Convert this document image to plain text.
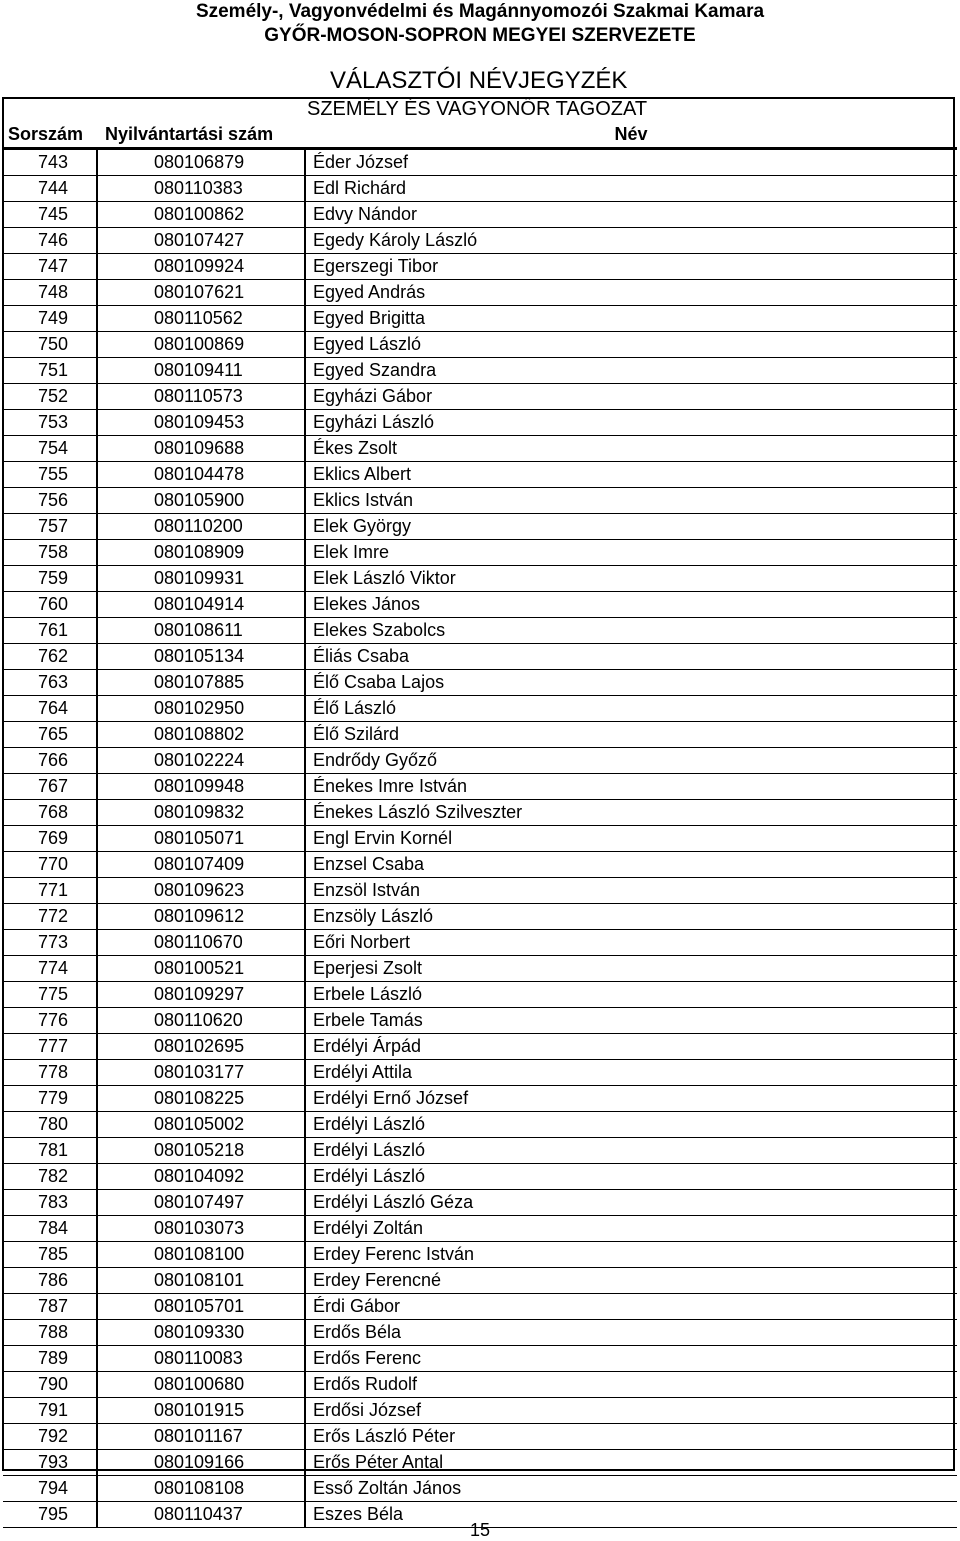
Személy-, Vagyonvédelmi és Magánnyomozói Szakmai Kamara
GYŐR-MOSON-SOPRON MEGYEI SZERVEZETE
VÁLASZTÓI NÉVJEGYZÉK
		SZEMÉLY ÉS VAGYONŐR TAGOZAT
Sorszám	Nyilvántartási szám	Név
743	080106879	Éder József
744	080110383	Edl Richárd
745	080100862	Edvy Nándor
746	080107427	Egedy Károly László
747	080109924	Egerszegi Tibor
748	080107621	Egyed András
749	080110562	Egyed Brigitta
750	080100869	Egyed László
751	080109411	Egyed Szandra
752	080110573	Egyházi Gábor
753	080109453	Egyházi László
754	080109688	Ékes Zsolt
755	080104478	Eklics Albert
756	080105900	Eklics István
757	080110200	Elek György
758	080108909	Elek Imre
759	080109931	Elek László Viktor
760	080104914	Elekes János
761	080108611	Elekes Szabolcs
762	080105134	Éliás Csaba
763	080107885	Élő Csaba Lajos
764	080102950	Élő László
765	080108802	Élő Szilárd
766	080102224	Endrődy Győző
767	080109948	Énekes Imre István
768	080109832	Énekes László Szilveszter
769	080105071	Engl Ervin Kornél
770	080107409	Enzsel Csaba
771	080109623	Enzsöl István
772	080109612	Enzsöly László
773	080110670	Eőri Norbert
774	080100521	Eperjesi Zsolt
775	080109297	Erbele László
776	080110620	Erbele Tamás
777	080102695	Erdélyi Árpád
778	080103177	Erdélyi Attila
779	080108225	Erdélyi Ernő József
780	080105002	Erdélyi László
781	080105218	Erdélyi László
782	080104092	Erdélyi László
783	080107497	Erdélyi László Géza
784	080103073	Erdélyi Zoltán
785	080108100	Erdey Ferenc István
786	080108101	Erdey Ferencné
787	080105701	Érdi Gábor
788	080109330	Erdős Béla
789	080110083	Erdős Ferenc
790	080100680	Erdős Rudolf
791	080101915	Erdősi József
792	080101167	Erős László Péter
793	080109166	Erős Péter Antal
794	080108108	Esső Zoltán János
795	080110437	Eszes Béla
15
